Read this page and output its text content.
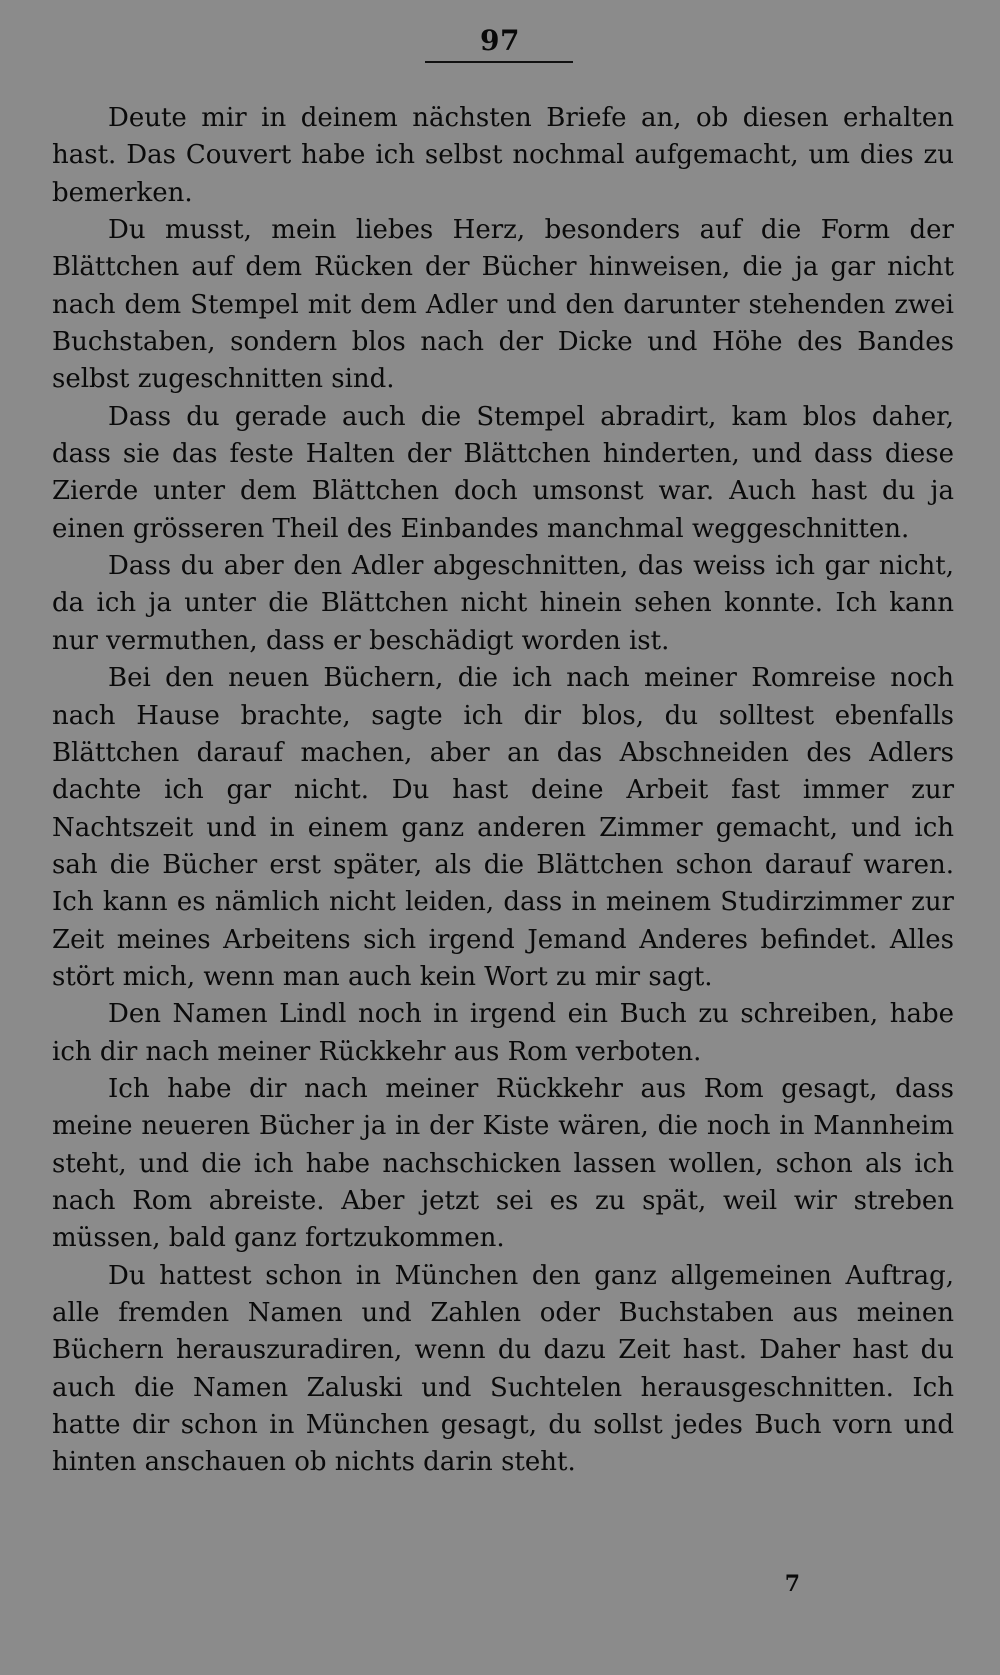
97

Deute mir in deinem nächsten Briefe an, ob diesen erhalten hast. Das Couvert habe ich selbst nochmal aufgemacht, um dies zu bemerken.

Du musst, mein liebes Herz, besonders auf die Form der Blättchen auf dem Rücken der Bücher hinweisen, die ja gar nicht nach dem Stempel mit dem Adler und den darunter stehenden zwei Buchstaben, sondern blos nach der Dicke und Höhe des Bandes selbst zugeschnitten sind.

Dass du gerade auch die Stempel abradirt, kam blos daher, dass sie das feste Halten der Blättchen hinderten, und dass diese Zierde unter dem Blättchen doch umsonst war. Auch hast du ja einen grösseren Theil des Einbandes manchmal weggeschnitten.

Dass du aber den Adler abgeschnitten, das weiss ich gar nicht, da ich ja unter die Blättchen nicht hinein sehen konnte. Ich kann nur vermuthen, dass er beschädigt worden ist.

Bei den neuen Büchern, die ich nach meiner Romreise noch nach Hause brachte, sagte ich dir blos, du solltest ebenfalls Blättchen darauf machen, aber an das Abschneiden des Adlers dachte ich gar nicht. Du hast deine Arbeit fast immer zur Nachtszeit und in einem ganz anderen Zimmer gemacht, und ich sah die Bücher erst später, als die Blättchen schon darauf waren. Ich kann es nämlich nicht leiden, dass in meinem Studirzimmer zur Zeit meines Arbeitens sich irgend Jemand Anderes befindet. Alles stört mich, wenn man auch kein Wort zu mir sagt.

Den Namen Lindl noch in irgend ein Buch zu schreiben, habe ich dir nach meiner Rückkehr aus Rom verboten.

Ich habe dir nach meiner Rückkehr aus Rom gesagt, dass meine neueren Bücher ja in der Kiste wären, die noch in Mannheim steht, und die ich habe nachschicken lassen wollen, schon als ich nach Rom abreiste. Aber jetzt sei es zu spät, weil wir streben müssen, bald ganz fortzukommen.

Du hattest schon in München den ganz allgemeinen Auftrag, alle fremden Namen und Zahlen oder Buchstaben aus meinen Büchern herauszuradiren, wenn du dazu Zeit hast. Daher hast du auch die Namen Zaluski und Suchtelen herausgeschnitten. Ich hatte dir schon in München gesagt, du sollst jedes Buch vorn und hinten anschauen ob nichts darin steht.

7
